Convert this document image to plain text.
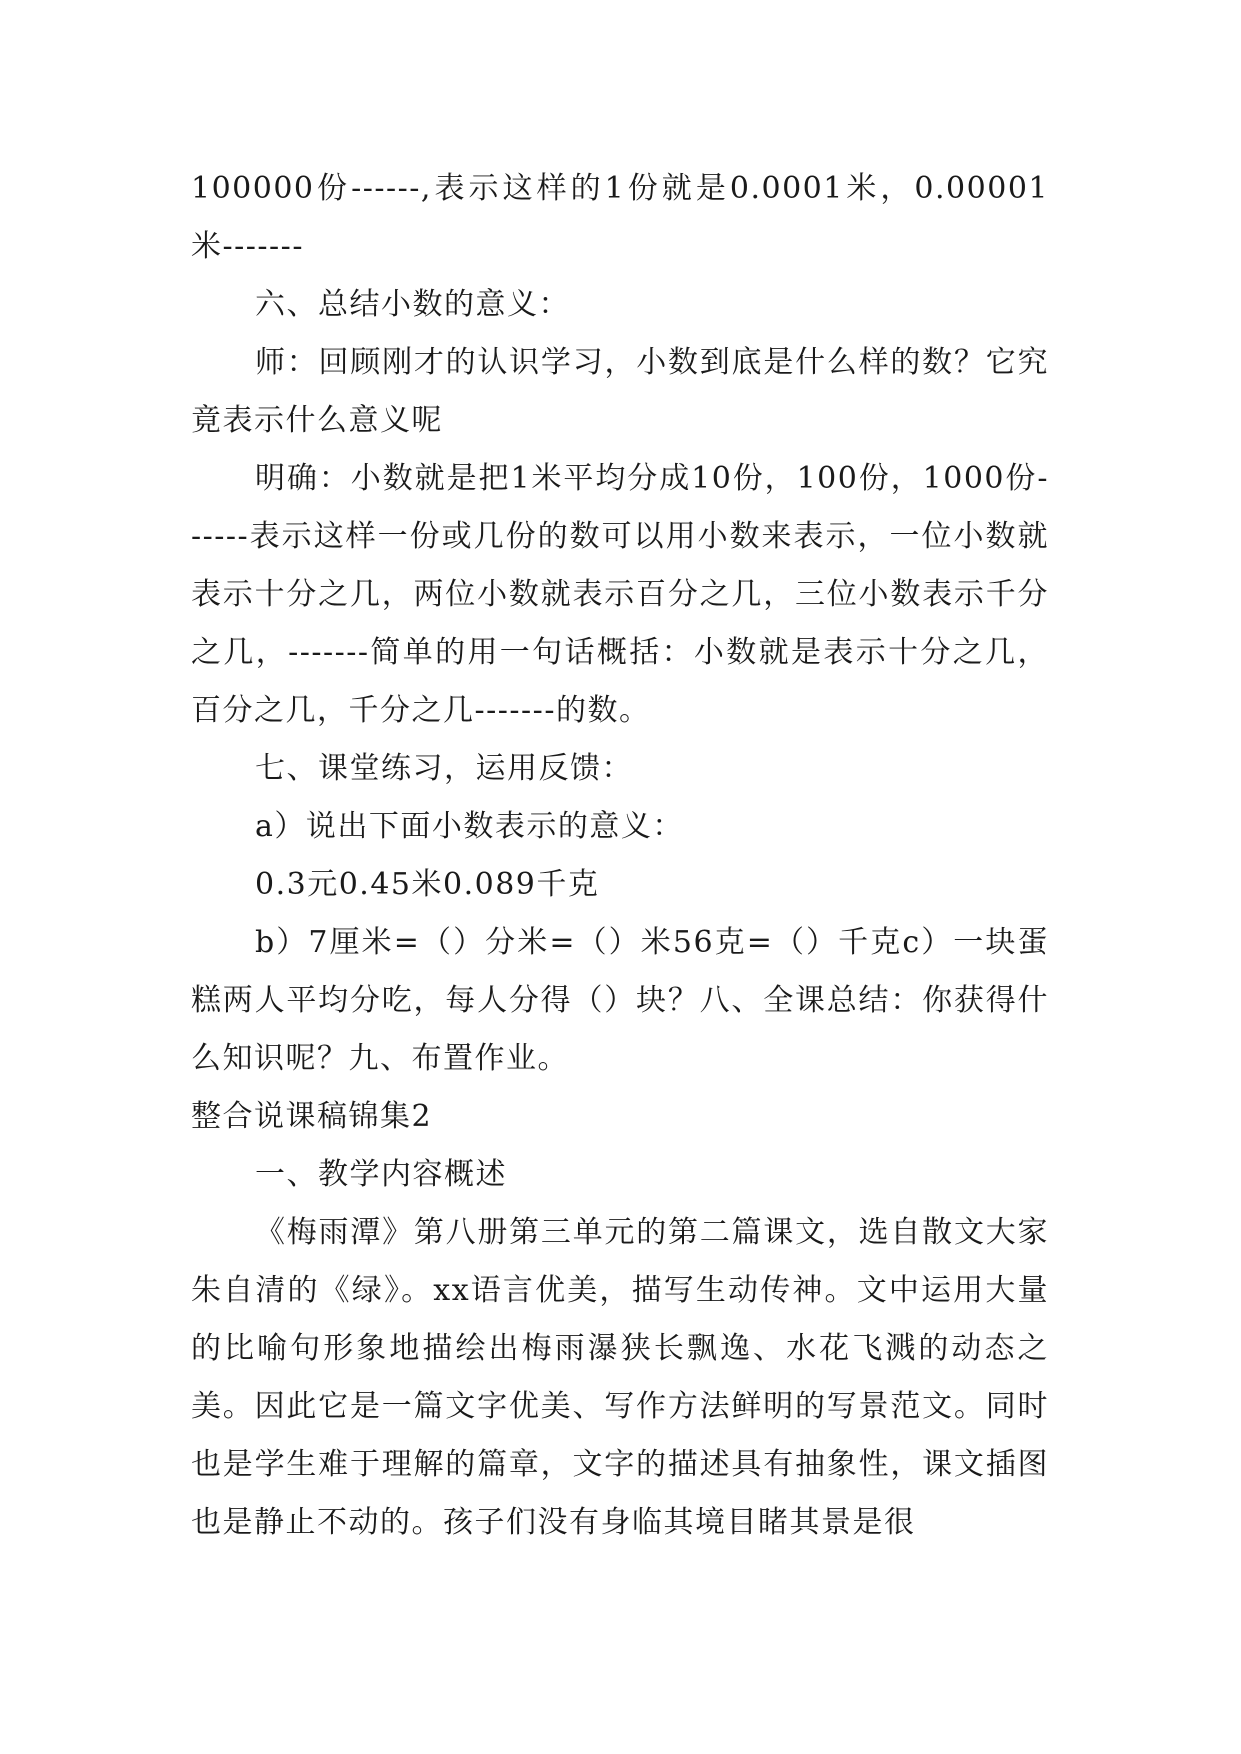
100000份------,表示这样的1份就是0.0001米，0.00001米-------

六、总结小数的意义：

师：回顾刚才的认识学习，小数到底是什么样的数？它究竟表示什么意义呢

明确：小数就是把1米平均分成10份，100份，1000份------表示这样一份或几份的数可以用小数来表示，一位小数就表示十分之几，两位小数就表示百分之几，三位小数表示千分之几，-------简单的用一句话概括：小数就是表示十分之几，百分之几，千分之几-------的数。

七、课堂练习，运用反馈：

a）说出下面小数表示的意义：

0.3元0.45米0.089千克

b）7厘米=（）分米=（）米56克=（）千克c）一块蛋糕两人平均分吃，每人分得（）块？八、全课总结：你获得什么知识呢？九、布置作业。

整合说课稿锦集2

一、教学内容概述

《梅雨潭》第八册第三单元的第二篇课文，选自散文大家朱自清的《绿》。xx语言优美，描写生动传神。文中运用大量的比喻句形象地描绘出梅雨瀑狭长飘逸、水花飞溅的动态之美。因此它是一篇文字优美、写作方法鲜明的写景范文。同时也是学生难于理解的篇章，文字的描述具有抽象性，课文插图也是静止不动的。孩子们没有身临其境目睹其景是很
